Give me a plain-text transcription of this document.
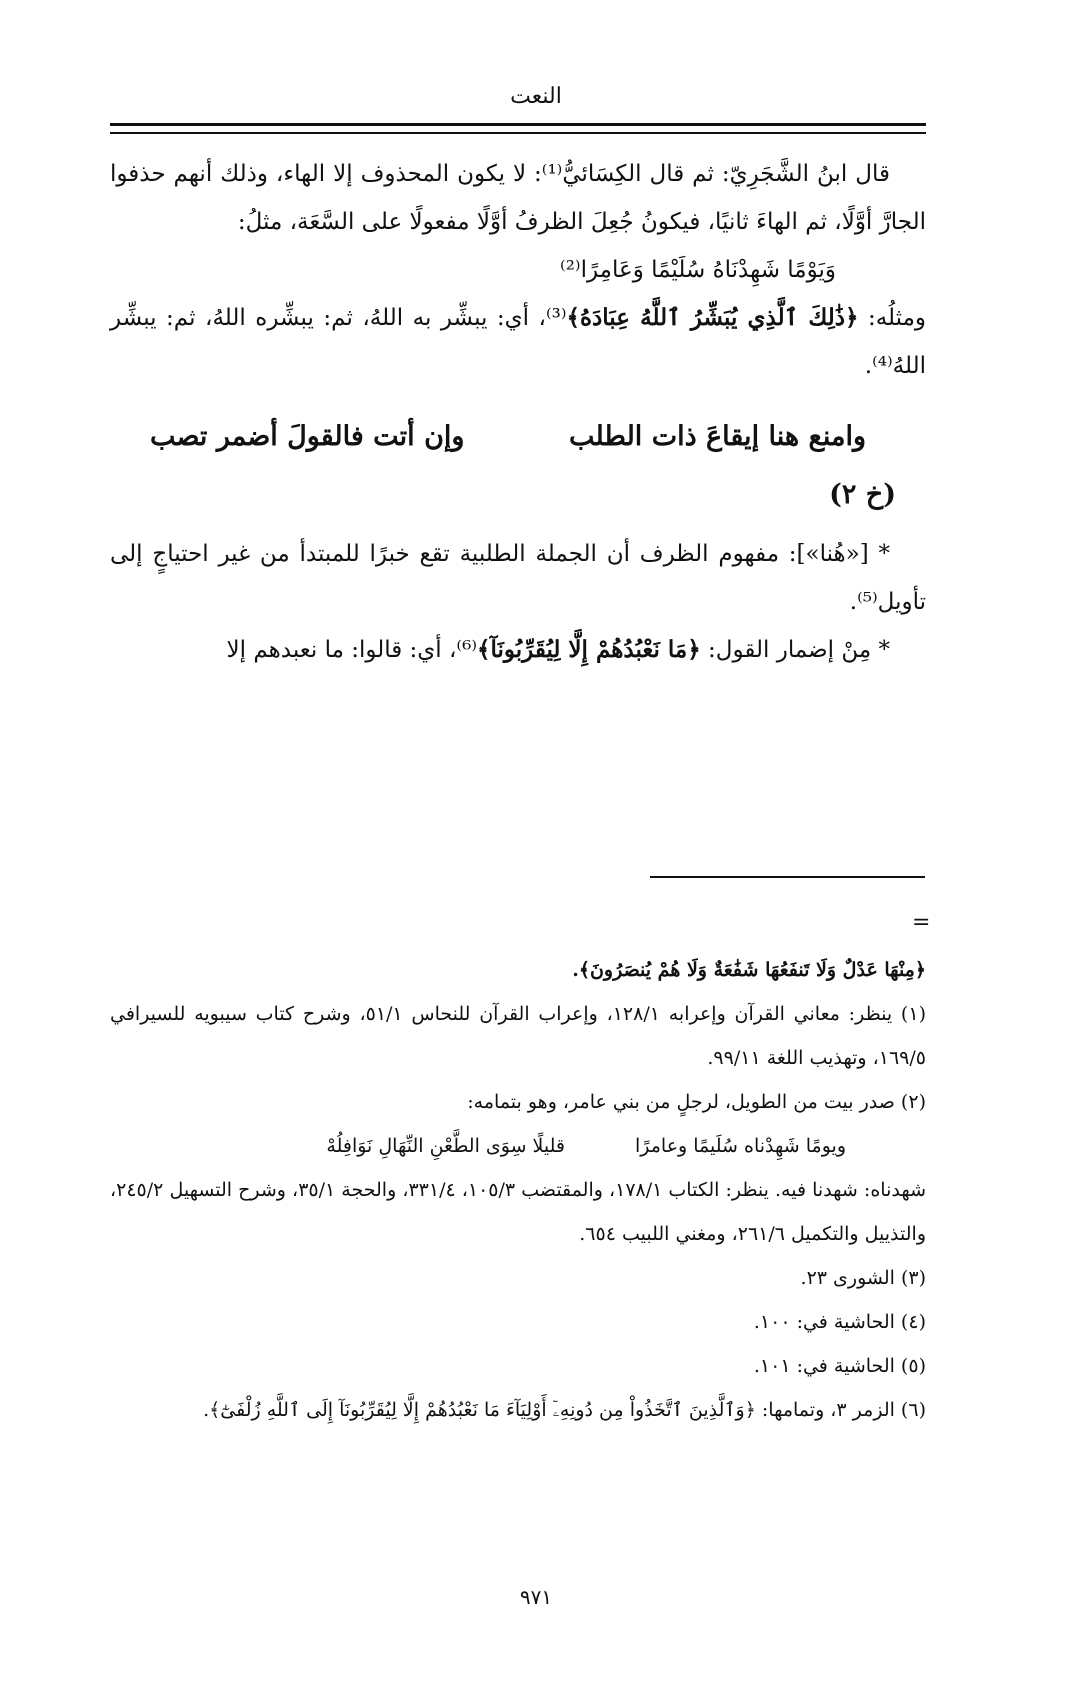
النعت

قال ابنُ الشَّجَرِيّ: ثم قال الكِسَائيُّ⁽¹⁾: لا يكون المحذوف إلا الهاء، وذلك أنهم حذفوا الجارَّ أوَّلًا، ثم الهاءَ ثانيًا، فيكونُ جُعِلَ الظرفُ أوَّلًا مفعولًا على السَّعَة، مثلُ:

وَيَوْمًا شَهِدْنَاهُ سُلَيْمًا وَعَامِرًا⁽²⁾

ومثلُه: ﴿ذَٰلِكَ ٱلَّذِي يُبَشِّرُ ٱللَّهُ عِبَادَهُ﴾⁽³⁾، أي: يبشِّر به اللهُ، ثم: يبشِّره اللهُ، ثم: يبشِّر اللهُ⁽⁴⁾.

وامنع هنا إيقاعَ ذات الطلب
وإن أتت فالقولَ أضمر تصب
(خ ٢)

* [«هُنا»]: مفهوم الظرف أن الجملة الطلبية تقع خبرًا للمبتدأ من غير احتياجٍ إلى تأويل⁽⁵⁾.

* مِنْ إضمار القول: ﴿مَا نَعْبُدُهُمْ إِلَّا لِيُقَرِّبُونَآ﴾⁽⁶⁾، أي: قالوا: ما نعبدهم إلا

=

﴿مِنْهَا عَدْلٌ وَلَا تَنفَعُهَا شَفَٰعَةٌ وَلَا هُمْ يُنصَرُونَ﴾.

(١) ينظر: معاني القرآن وإعرابه ١٢٨/١، وإعراب القرآن للنحاس ٥١/١، وشرح كتاب سيبويه للسيرافي ١٦٩/٥، وتهذيب اللغة ٩٩/١١.

(٢) صدر بيت من الطويل، لرجلٍ من بني عامر، وهو بتمامه:

ويومًا شَهِدْناه سُلَيمًا وعامرًا
قليلًا سِوَى الطَّعْنِ النِّهَالِ نَوَافِلُهْ

شهدناه: شهدنا فيه. ينظر: الكتاب ١٧٨/١، والمقتضب ١٠٥/٣، ٣٣١/٤، والحجة ٣٥/١، وشرح التسهيل ٢٤٥/٢، والتذييل والتكميل ٢٦١/٦، ومغني اللبيب ٦٥٤.

(٣) الشورى ٢٣.

(٤) الحاشية في: ١٠٠.

(٥) الحاشية في: ١٠١.

(٦) الزمر ٣، وتمامها: ﴿وَٱلَّذِينَ ٱتَّخَذُواْ مِن دُونِهِۦٓ أَوْلِيَآءَ مَا نَعْبُدُهُمْ إِلَّا لِيُقَرِّبُونَآ إِلَى ٱللَّهِ زُلْفَىٰٓ﴾.

٩٧١
